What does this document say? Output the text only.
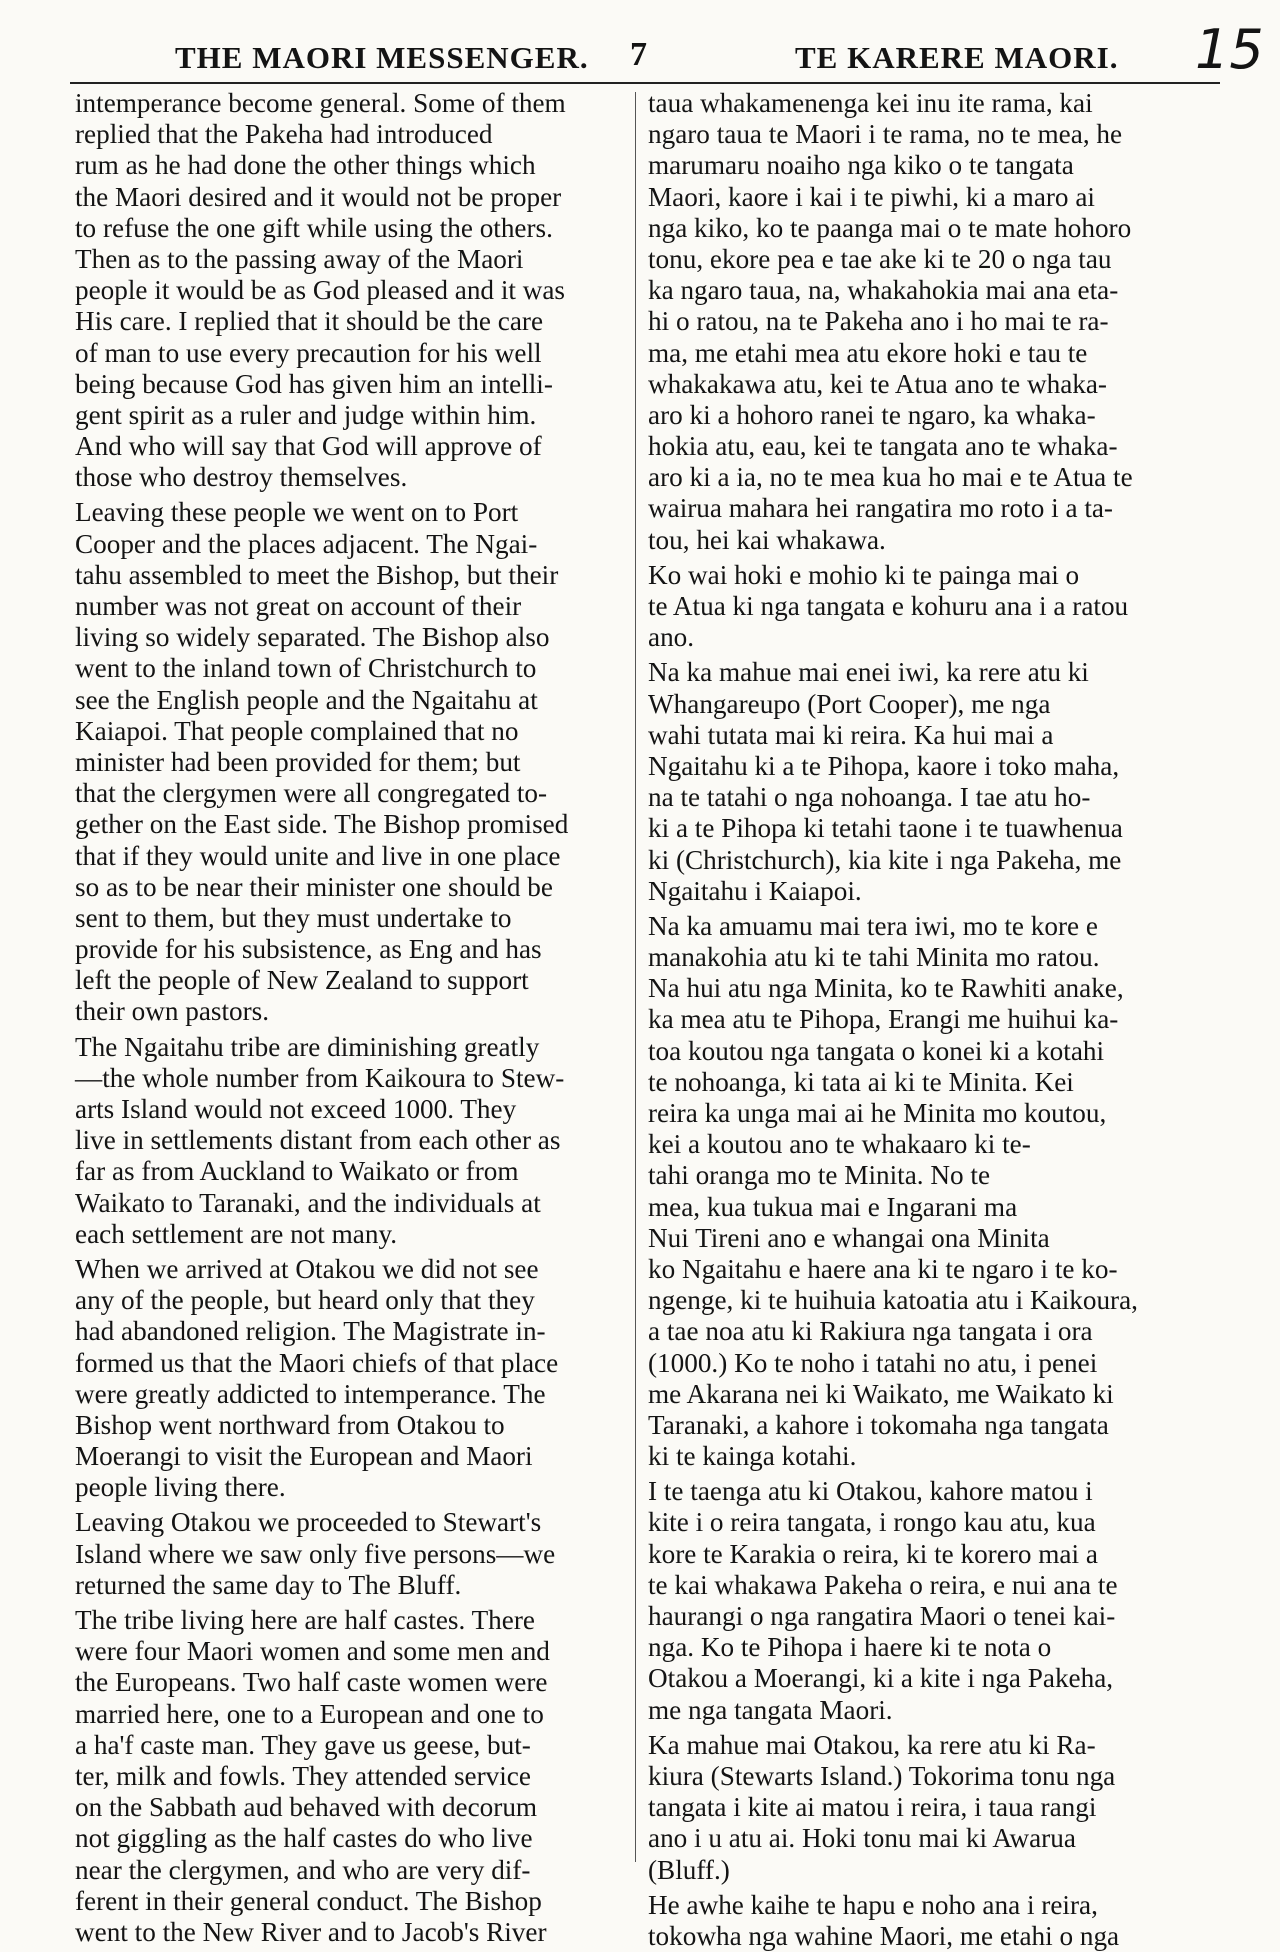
THE MAORI MESSENGER. 7	TE KARERE MAORI. 15
intemperance become general. Some of them
replied that the Pakeha had introduced
rum as he had done the other things which
the Maori desired and it would not be proper
to refuse the one gift while using the others.
Then as to the passing away of the Maori
people it would be as God pleased and it was
His care. I replied that it should be the care
of man to use every precaution for his well
being because God has given him an intelli-
gent spirit as a ruler and judge within him.
And who will say that God will approve of
those who destroy themselves.
Leaving these people we went on to Port
Cooper and the places adjacent. The Ngai-
tahu assembled to meet the Bishop, but their
number was not great on account of their
living so widely separated. The Bishop also
went to the inland town of Christchurch to
see the English people and the Ngaitahu at
Kaiapoi. That people complained that no
minister had been provided for them; but
that the clergymen were all congregated to-
gether on the East side. The Bishop promised
that if they would unite and live in one place
so as to be near their minister one should be
sent to them, but they must undertake to
provide for his subsistence, as Eng and has
left the people of New Zealand to support
their own pastors.
The Ngaitahu tribe are diminishing greatly
—the whole number from Kaikoura to Stew-
arts Island would not exceed 1000. They
live in settlements distant from each other as
far as from Auckland to Waikato or from
Waikato to Taranaki, and the individuals at
each settlement are not many.
When we arrived at Otakou we did not see
any of the people, but heard only that they
had abandoned religion. The Magistrate in-
formed us that the Maori chiefs of that place
were greatly addicted to intemperance. The
Bishop went northward from Otakou to
Moerangi to visit the European and Maori
people living there.
Leaving Otakou we proceeded to Stewart's
Island where we saw only five persons—we
returned the same day to The Bluff.
The tribe living here are half castes. There
were four Maori women and some men and
the Europeans. Two half caste women were
married here, one to a European and one to
a ha'f caste man. They gave us geese, but-
ter, milk and fowls. They attended service
on the Sabbath aud behaved with decorum
not giggling as the half castes do who live
near the clergymen, and who are very dif-
ferent in their general conduct. The Bishop
went to the New River and to Jacob's River
taua whakamenenga kei inu ite rama, kai
ngaro taua te Maori i te rama, no te mea, he
marumaru noaiho nga kiko o te tangata
Maori, kaore i kai i te piwhi, ki a maro ai
nga kiko, ko te paanga mai o te mate hohoro
tonu, ekore pea e tae ake ki te 20 o nga tau
ka ngaro taua, na, whakahokia mai ana eta-
hi o ratou, na te Pakeha ano i ho mai te ra-
ma, me etahi mea atu ekore hoki e tau te
whakakawa atu, kei te Atua ano te whaka-
aro ki a hohoro ranei te ngaro, ka whaka-
hokia atu, eau, kei te tangata ano te whaka-
aro ki a ia, no te mea kua ho mai e te Atua te
wairua mahara hei rangatira mo roto i a ta-
tou, hei kai whakawa.
Ko wai hoki e mohio ki te painga mai o
te Atua ki nga tangata e kohuru ana i a ratou
ano.
Na ka mahue mai enei iwi, ka rere atu ki
Whangareupo (Port Cooper), me nga
wahi tutata mai ki reira. Ka hui mai a
Ngaitahu ki a te Pihopa, kaore i toko maha,
na te tatahi o nga nohoanga. I tae atu ho-
ki a te Pihopa ki tetahi taone i te tuawhenua
ki (Christchurch), kia kite i nga Pakeha, me
Ngaitahu i Kaiapoi.
Na ka amuamu mai tera iwi, mo te kore e
manakohia atu ki te tahi Minita mo ratou.
Na hui atu nga Minita, ko te Rawhiti anake,
ka mea atu te Pihopa, Erangi me huihui ka-
toa koutou nga tangata o konei ki a kotahi
te nohoanga, ki tata ai ki te Minita. Kei
reira ka unga mai ai he Minita mo koutou,
kei a koutou ano te whakaaro ki te-
tahi oranga mo te Minita. No te
mea, kua tukua mai e Ingarani ma
Nui Tireni ano e whangai ona Minita
ko Ngaitahu e haere ana ki te ngaro i te ko-
ngenge, ki te huihuia katoatia atu i Kaikoura,
a tae noa atu ki Rakiura nga tangata i ora
(1000.) Ko te noho i tatahi no atu, i penei
me Akarana nei ki Waikato, me Waikato ki
Taranaki, a kahore i tokomaha nga tangata
ki te kainga kotahi.
I te taenga atu ki Otakou, kahore matou i
kite i o reira tangata, i rongo kau atu, kua
kore te Karakia o reira, ki te korero mai a
te kai whakawa Pakeha o reira, e nui ana te
haurangi o nga rangatira Maori o tenei kai-
nga. Ko te Pihopa i haere ki te nota o
Otakou a Moerangi, ki a kite i nga Pakeha,
me nga tangata Maori.
Ka mahue mai Otakou, ka rere atu ki Ra-
kiura (Stewarts Island.) Tokorima tonu nga
tangata i kite ai matou i reira, i taua rangi
ano i u atu ai. Hoki tonu mai ki Awarua
(Bluff.)
He awhe kaihe te hapu e noho ana i reira,
tokowha nga wahine Maori, me etahi o nga
